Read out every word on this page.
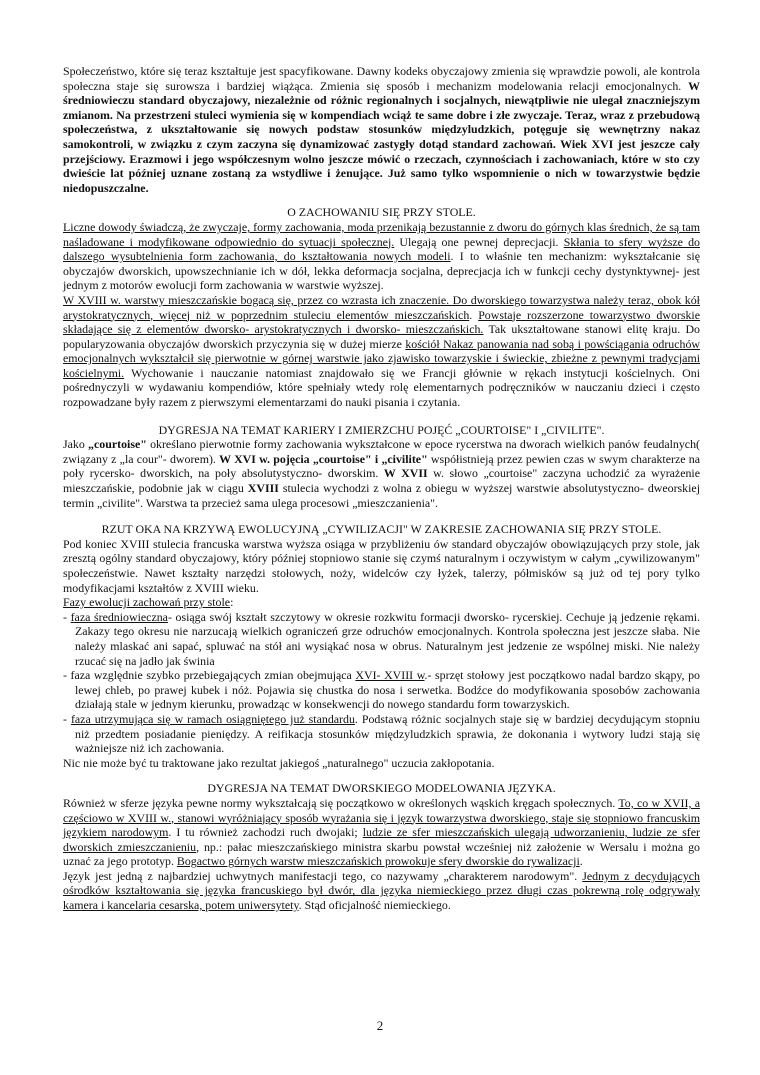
Społeczeństwo, które się teraz kształtuje jest spacyfikowane. Dawny kodeks obyczajowy zmienia się wprawdzie powoli, ale kontrola społeczna staje się surowsza i bardziej wiążąca. Zmienia się sposób i mechanizm modelowania relacji emocjonalnych. W średniowieczu standard obyczajowy, niezależnie od różnic regionalnych i socjalnych, niewątpliwie nie ulegał znaczniejszym zmianom. Na przestrzeni stuleci wymienia się w kompendiach wciąż te same dobre i złe zwyczaje. Teraz, wraz z przebudową społeczeństwa, z ukształtowanie się nowych podstaw stosunków międzyludzkich, potęguje się wewnętrzny nakaz samokontroli, w związku z czym zaczyna się dynamizować zastygły dotąd standard zachowań. Wiek XVI jest jeszcze cały przejściowy. Erazmowi i jego współczesnym wolno jeszcze mówić o rzeczach, czynnościach i zachowaniach, które w sto czy dwieście lat później uznane zostaną za wstydliwe i żenujące. Już samo tylko wspomnienie o nich w towarzystwie będzie niedopuszczalne.

O ZACHOWANIU SIĘ PRZY STOLE.

Liczne dowody świadczą, że zwyczaje, formy zachowania, moda przenikają bezustannie z dworu do górnych klas średnich, że są tam naśladowane i modyfikowane odpowiednio do sytuacji społecznej. Ulegają one pewnej deprecjacji. Skłania to sfery wyższe do dalszego wysubtelnienia form zachowania, do kształtowania nowych modeli. I to właśnie ten mechanizm: wykształcanie się obyczajów dworskich, upowszechnianie ich w dół, lekka deformacja socjalna, deprecjacja ich w funkcji cechy dystynktywnej- jest jednym z motorów ewolucji form zachowania w warstwie wyższej.

W XVIII w. warstwy mieszczańskie bogacą się, przez co wzrasta ich znaczenie. Do dworskiego towarzystwa należy teraz, obok kół arystokratycznych, więcej niż w poprzednim stuleciu elementów mieszczańskich. Powstaje rozszerzone towarzystwo dworskie składające się z elementów dworsko- arystokratycznych i dworsko- mieszczańskich. Tak ukształtowane stanowi elitę kraju. Do popularyzowania obyczajów dworskich przyczynia się w dużej mierze kościół Nakaz panowania nad sobą i powściągania odruchów emocjonalnych wykształcił się pierwotnie w górnej warstwie jako zjawisko towarzyskie i świeckie, zbieżne z pewnymi tradycjami kościelnymi. Wychowanie i nauczanie natomiast znajdowało się we Francji głównie w rękach instytucji kościelnych. Oni pośrednyczyli w wydawaniu kompendiów, które spełniały wtedy rolę elementarnych podręczników w nauczaniu dzieci i często rozpowadzane były razem z pierwszymi elementarzami do nauki pisania i czytania.

DYGRESJA NA TEMAT KARIERY I ZMIERZCHU POJĘĆ „COURTOISE" I „CIVILITE".

Jako „courtoise" określano pierwotnie formy zachowania wykształcone w epoce rycerstwa na dworach wielkich panów feudalnych( związany z „la cour"- dworem). W XVI w. pojęcia „courtoise" i „civilite" współistnieją przez pewien czas w swym charakterze na poły rycersko- dworskich, na poły absolutystyczno- dworskim. W XVII w. słowo „courtoise" zaczyna uchodzić za wyrażenie mieszczańskie, podobnie jak w ciągu XVIII stulecia wychodzi z wolna z obiegu w wyższej warstwie absolutystyczno- dweorskiej termin „civilite". Warstwa ta przecież sama ulega procesowi „mieszczanienia".

RZUT OKA NA KRZYWĄ EWOLUCYJNĄ „CYWILIZACJI" W ZAKRESIE ZACHOWANIA SIĘ PRZY STOLE.

Pod koniec XVIII stulecia francuska warstwa wyższa osiąga w przybliżeniu ów standard obyczajów obowiązujących przy stole, jak zresztą ogólny standard obyczajowy, który później stopniowo stanie się czymś naturalnym i oczywistym w całym „cywilizowanym" społeczeństwie. Nawet kształty narzędzi stołowych, noży, widelców czy łyżek, talerzy, półmisków są już od tej pory tylko modyfikacjami kształtów z XVIII wieku.

Fazy ewolucji zachowań przy stole:

- faza średniowieczna- osiąga swój kształt szczytowy w okresie rozkwitu formacji dworsko- rycerskiej. Cechuje ją jedzenie rękami. Zakazy tego okresu nie narzucają wielkich ograniczeń grze odruchów emocjonalnych. Kontrola społeczna jest jeszcze słaba. Nie należy mlaskać ani sapać, spluwać na stół ani wysiąkać nosa w obrus. Naturalnym jest jedzenie ze wspólnej miski. Nie należy rzucać się na jadło jak świnia
- faza względnie szybko przebiegających zmian obejmująca XVI- XVIII w.- sprzęt stołowy jest początkowo nadal bardzo skąpy, po lewej chleb, po prawej kubek i nóż. Pojawia się chustka do nosa i serwetka. Bodźce do modyfikowania sposobów zachowania działają stale w jednym kierunku, prowadząc w konsekwencji do nowego standardu form towarzyskich.
- faza utrzymująca się w ramach osiągniętego już standardu. Podstawą różnic socjalnych staje się w bardziej decydującym stopniu niż przedtem posiadanie pieniędzy. A reifikacja stosunków międzyludzkich sprawia, że dokonania i wytwory ludzi stają się ważniejsze niż ich zachowania.

Nic nie może być tu traktowane jako rezultat jakiegoś „naturalnego" uczucia zakłopotania.

DYGRESJA NA TEMAT DWORSKIEGO MODELOWANIA JĘZYKA.

Również w sferze języka pewne normy wykształcają się początkowo w określonych wąskich kręgach społecznych. To, co w XVII, a częściowo w XVIII w., stanowi wyróżniający sposób wyrażania się i język towarzystwa dworskiego, staje się stopniowo francuskim językiem narodowym. I tu również zachodzi ruch dwojaki; ludzie ze sfer mieszczańskich ulegają udworzanieniu, ludzie ze sfer dworskich zmieszczanieniu, np.: pałac mieszczańskiego ministra skarbu powstał wcześniej niż założenie w Wersalu i można go uznać za jego prototyp. Bogactwo górnych warstw mieszczańskich prowokuje sfery dworskie do rywalizacji.

Język jest jedną z najbardziej uchwytnych manifestacji tego, co nazywamy „charakterem narodowym". Jednym z decydujących ośrodków kształtowania się języka francuskiego był dwór, dla języka niemieckiego przez długi czas pokrewną rolę odgrywały kamera i kancelaria cesarska, potem uniwersytety. Stąd oficjalność niemieckiego.

2
